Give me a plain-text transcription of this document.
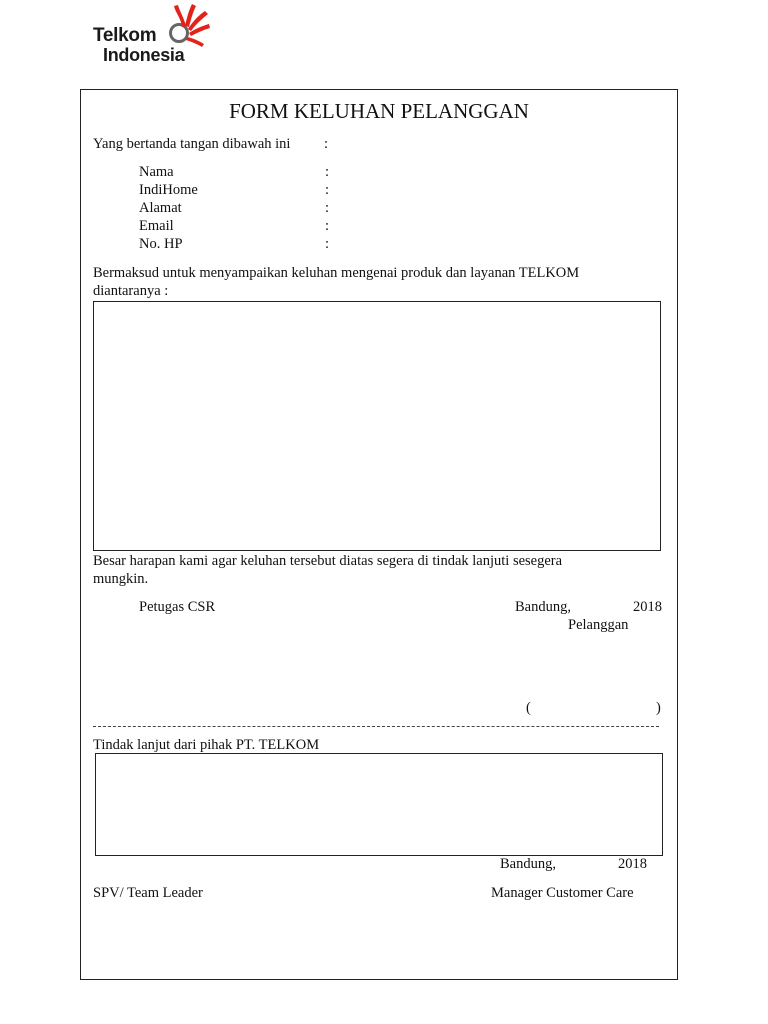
Telkom
Indonesia
FORM KELUHAN PELANGGAN
Yang bertanda tangan dibawah ini :
Nama	:
IndiHome	:
Alamat	:
Email	:
No. HP	:
Bermaksud untuk menyampaikan keluhan mengenai produk dan layanan TELKOM
diantaranya :
Besar harapan kami agar keluhan tersebut diatas segera di tindak lanjuti sesegera
mungkin.
Petugas CSR	Bandung,	2018
Pelanggan
(	)
Tindak lanjut dari pihak PT. TELKOM
Bandung,	2018
SPV/ Team Leader	Manager Customer Care
